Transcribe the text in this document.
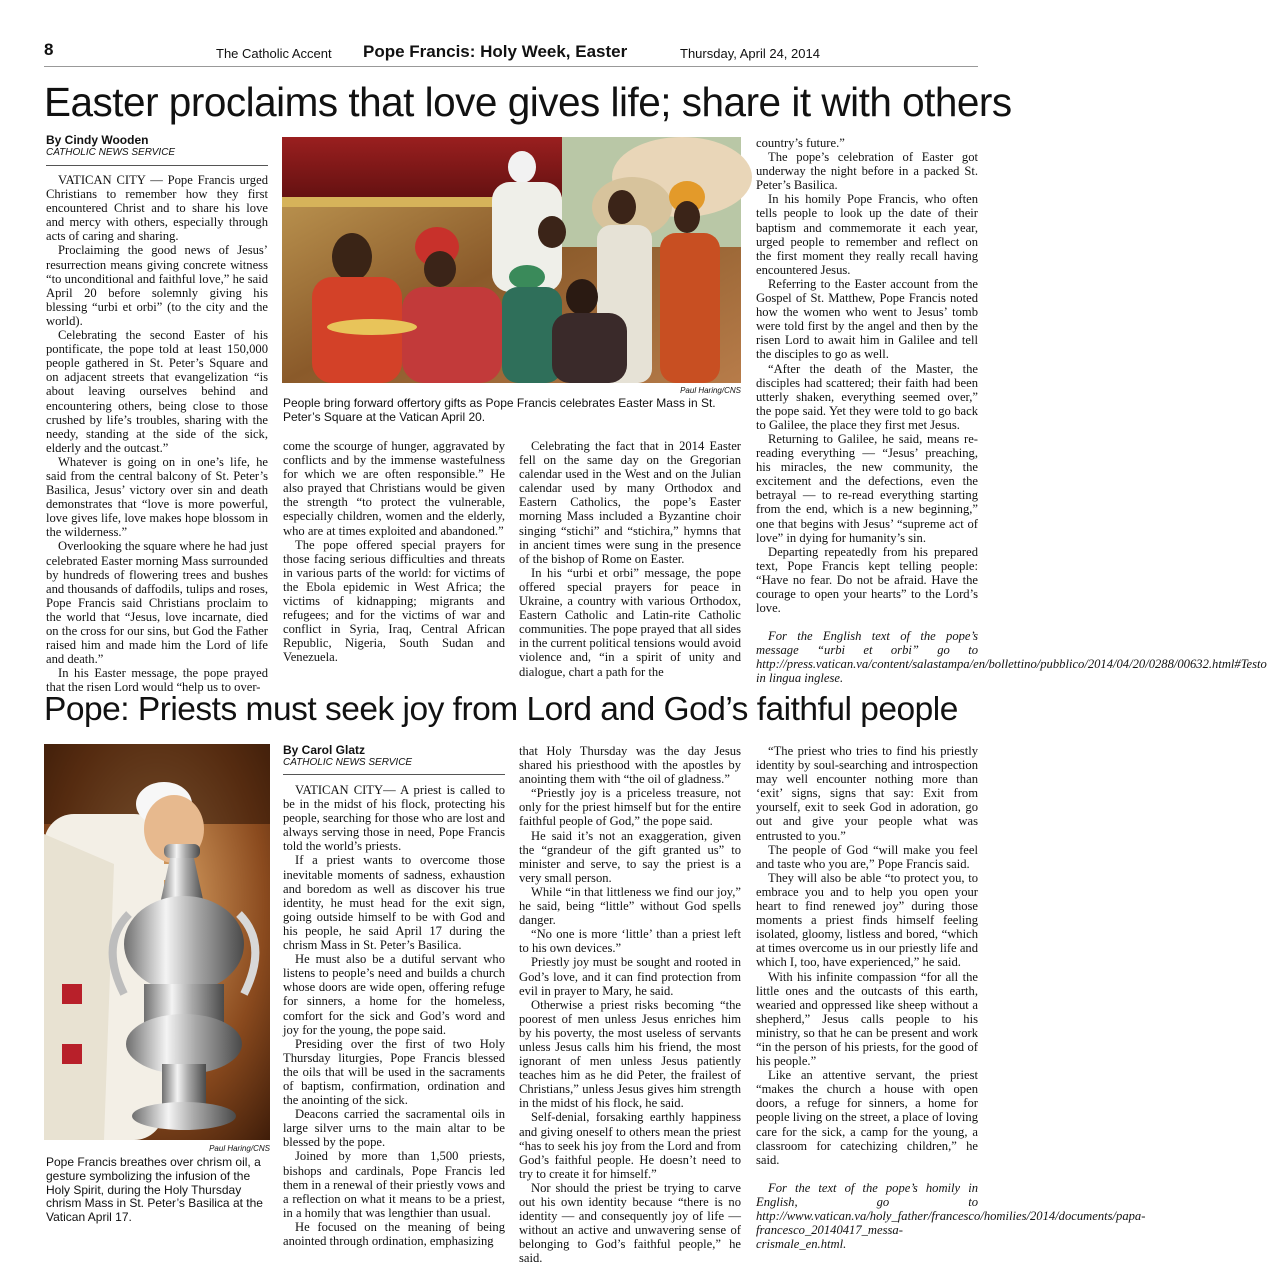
8	The Catholic Accent Pope Francis: Holy Week, Easter	Thursday, April 24, 2014
Easter proclaims that love gives life; share it with others
By Cindy Wooden
CATHOLIC NEWS SERVICE

VATICAN CITY — Pope Francis urged Christians to remember how they first encountered Christ and to share his love and mercy with others, especially through acts of caring and sharing.

Proclaiming the good news of Jesus’ resurrection means giving concrete witness “to unconditional and faithful love,” he said April 20 before solemnly giving his blessing “urbi et orbi” (to the city and the world).

Celebrating the second Easter of his pontificate, the pope told at least 150,000 people gathered in St. Peter’s Square and on adjacent streets that evangelization “is about leaving ourselves behind and encountering others, being close to those crushed by life’s troubles, sharing with the needy, standing at the side of the sick, elderly and the outcast.”

Whatever is going on in one’s life, he said from the central balcony of St. Peter’s Basilica, Jesus’ victory over sin and death demonstrates that “love is more powerful, love gives life, love makes hope blossom in the wilderness.”

Overlooking the square where he had just celebrated Easter morning Mass surrounded by hundreds of flowering trees and bushes and thousands of daffodils, tulips and roses, Pope Francis said Christians proclaim to the world that “Jesus, love incarnate, died on the cross for our sins, but God the Father raised him and made him the Lord of life and death.”

In his Easter message, the pope prayed that the risen Lord would “help us to over-

Paul Haring/CNS
People bring forward offertory gifts as Pope Francis celebrates Easter Mass in St. Peter’s Square at the Vatican April 20.

come the scourge of hunger, aggravated by conflicts and by the immense wastefulness for which we are often responsible.” He also prayed that Christians would be given the strength “to protect the vulnerable, especially children, women and the elderly, who are at times exploited and abandoned.”

The pope offered special prayers for those facing serious difficulties and threats in various parts of the world: for victims of the Ebola epidemic in West Africa; the victims of kidnapping; migrants and refugees; and for the victims of war and conflict in Syria, Iraq, Central African Republic, Nigeria, South Sudan and Venezuela.

Celebrating the fact that in 2014 Easter fell on the same day on the Gregorian calendar used in the West and on the Julian calendar used by many Orthodox and Eastern Catholics, the pope’s Easter morning Mass included a Byzantine choir singing “stichi” and “stichira,” hymns that in ancient times were sung in the presence of the bishop of Rome on Easter.

In his “urbi et orbi” message, the pope offered special prayers for peace in Ukraine, a country with various Orthodox, Eastern Catholic and Latin-rite Catholic communities. The pope prayed that all sides in the current political tensions would avoid violence and, “in a spirit of unity and dialogue, chart a path for the

country’s future.”

The pope’s celebration of Easter got underway the night before in a packed St. Peter’s Basilica.

In his homily Pope Francis, who often tells people to look up the date of their baptism and commemorate it each year, urged people to remember and reflect on the first moment they really recall having encountered Jesus.

Referring to the Easter account from the Gospel of St. Matthew, Pope Francis noted how the women who went to Jesus’ tomb were told first by the angel and then by the risen Lord to await him in Galilee and tell the disciples to go as well.

“After the death of the Master, the disciples had scattered; their faith had been utterly shaken, everything seemed over,” the pope said. Yet they were told to go back to Galilee, the place they first met Jesus.

Returning to Galilee, he said, means re-reading everything — “Jesus’ preaching, his miracles, the new community, the excitement and the defections, even the betrayal — to re-read everything starting from the end, which is a new beginning,” one that begins with Jesus’ “supreme act of love” in dying for humanity’s sin.

Departing repeatedly from his prepared text, Pope Francis kept telling people: “Have no fear. Do not be afraid. Have the courage to open your hearts” to the Lord’s love.

For the English text of the pope’s message “urbi et orbi” go to http://press.vatican.va/content/salastampa/en/bollettino/pubblico/2014/04/20/0288/00632.html#Testo in lingua inglese.

Pope: Priests must seek joy from Lord and God’s faithful people
Paul Haring/CNS
Pope Francis breathes over chrism oil, a gesture symbolizing the infusion of the Holy Spirit, during the Holy Thursday chrism Mass in St. Peter’s Basilica at the Vatican April 17.
By Carol Glatz
CATHOLIC NEWS SERVICE

VATICAN CITY— A priest is called to be in the midst of his flock, protecting his people, searching for those who are lost and always serving those in need, Pope Francis told the world’s priests.

If a priest wants to overcome those inevitable moments of sadness, exhaustion and boredom as well as discover his true identity, he must head for the exit sign, going outside himself to be with God and his people, he said April 17 during the chrism Mass in St. Peter’s Basilica.

He must also be a dutiful servant who listens to people’s need and builds a church whose doors are wide open, offering refuge for sinners, a home for the homeless, comfort for the sick and God’s word and joy for the young, the pope said.

Presiding over the first of two Holy Thursday liturgies, Pope Francis blessed the oils that will be used in the sacraments of baptism, confirmation, ordination and the anointing of the sick.

Deacons carried the sacramental oils in large silver urns to the main altar to be blessed by the pope.

Joined by more than 1,500 priests, bishops and cardinals, Pope Francis led them in a renewal of their priestly vows and a reflection on what it means to be a priest, in a homily that was lengthier than usual.

He focused on the meaning of being anointed through ordination, emphasizing

that Holy Thursday was the day Jesus shared his priesthood with the apostles by anointing them with “the oil of gladness.”

“Priestly joy is a priceless treasure, not only for the priest himself but for the entire faithful people of God,” the pope said.

He said it’s not an exaggeration, given the “grandeur of the gift granted us” to minister and serve, to say the priest is a very small person.

While “in that littleness we find our joy,” he said, being “little” without God spells danger.

“No one is more ‘little’ than a priest left to his own devices.”

Priestly joy must be sought and rooted in God’s love, and it can find protection from evil in prayer to Mary, he said.

Otherwise a priest risks becoming “the poorest of men unless Jesus enriches him by his poverty, the most useless of servants unless Jesus calls him his friend, the most ignorant of men unless Jesus patiently teaches him as he did Peter, the frailest of Christians,” unless Jesus gives him strength in the midst of his flock, he said.

Self-denial, forsaking earthly happiness and giving oneself to others mean the priest “has to seek his joy from the Lord and from God’s faithful people. He doesn’t need to try to create it for himself.”

Nor should the priest be trying to carve out his own identity because “there is no identity — and consequently joy of life — without an active and unwavering sense of belonging to God’s faithful people,” he said.

“The priest who tries to find his priestly identity by soul-searching and introspection may well encounter nothing more than ‘exit’ signs, signs that say: Exit from yourself, exit to seek God in adoration, go out and give your people what was entrusted to you.”

The people of God “will make you feel and taste who you are,” Pope Francis said.

They will also be able “to protect you, to embrace you and to help you open your heart to find renewed joy” during those moments a priest finds himself feeling isolated, gloomy, listless and bored, “which at times overcome us in our priestly life and which I, too, have experienced,” he said.

With his infinite compassion “for all the little ones and the outcasts of this earth, wearied and oppressed like sheep without a shepherd,” Jesus calls people to his ministry, so that he can be present and work “in the person of his priests, for the good of his people.”

Like an attentive servant, the priest “makes the church a house with open doors, a refuge for sinners, a home for people living on the street, a place of loving care for the sick, a camp for the young, a classroom for catechizing children,” he said.

For the text of the pope’s homily in English, go to http://www.vatican.va/holy_father/francesco/homilies/2014/documents/papa-francesco_20140417_messa-crismale_en.html.
